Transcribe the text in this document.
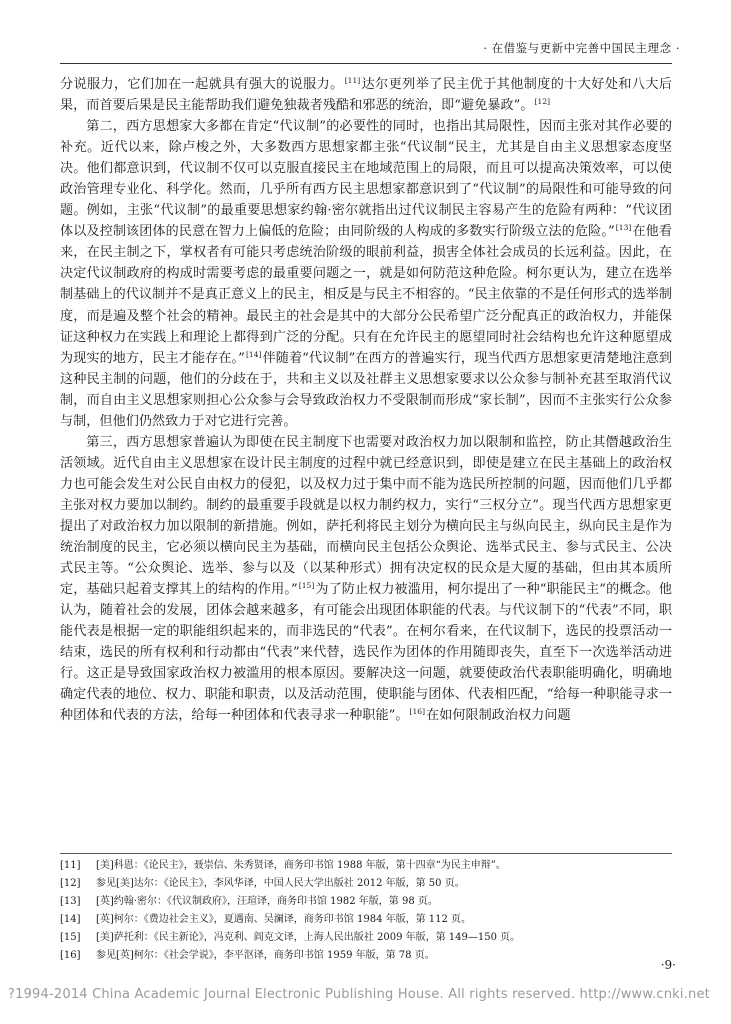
· 在借鉴与更新中完善中国民主理念 ·

分说服力，它们加在一起就具有强大的说服力。[11]达尔更列举了民主优于其他制度的十大好处和八大后果，而首要后果是民主能帮助我们避免独裁者残酷和邪恶的统治，即“避免暴政”。[12]

第二，西方思想家大多都在肯定“代议制”的必要性的同时，也指出其局限性，因而主张对其作必要的补充。近代以来，除卢梭之外，大多数西方思想家都主张“代议制”民主，尤其是自由主义思想家态度坚决。他们都意识到，代议制不仅可以克服直接民主在地域范围上的局限，而且可以提高决策效率，可以使政治管理专业化、科学化。然而，几乎所有西方民主思想家都意识到了“代议制”的局限性和可能导致的问题。例如，主张“代议制”的最重要思想家约翰·密尔就指出过代议制民主容易产生的危险有两种：“代议团体以及控制该团体的民意在智力上偏低的危险；由同阶级的人构成的多数实行阶级立法的危险。”[13]在他看来，在民主制之下，掌权者有可能只考虑统治阶级的眼前利益，损害全体社会成员的长远利益。因此，在决定代议制政府的构成时需要考虑的最重要问题之一，就是如何防范这种危险。柯尔更认为，建立在选举制基础上的代议制并不是真正意义上的民主，相反是与民主不相容的。“民主依靠的不是任何形式的选举制度，而是遍及整个社会的精神。最民主的社会是其中的大部分公民希望广泛分配真正的政治权力，并能保证这种权力在实践上和理论上都得到广泛的分配。只有在允许民主的愿望同时社会结构也允许这种愿望成为现实的地方，民主才能存在。”[14]伴随着“代议制”在西方的普遍实行，现当代西方思想家更清楚地注意到这种民主制的问题，他们的分歧在于，共和主义以及社群主义思想家要求以公众参与制补充甚至取消代议制，而自由主义思想家则担心公众参与会导致政治权力不受限制而形成“家长制”，因而不主张实行公众参与制，但他们仍然致力于对它进行完善。

第三，西方思想家普遍认为即使在民主制度下也需要对政治权力加以限制和监控，防止其僭越政治生活领域。近代自由主义思想家在设计民主制度的过程中就已经意识到，即使是建立在民主基础上的政治权力也可能会发生对公民自由权力的侵犯，以及权力过于集中而不能为选民所控制的问题，因而他们几乎都主张对权力要加以制约。制约的最重要手段就是以权力制约权力，实行“三权分立”。现当代西方思想家更提出了对政治权力加以限制的新措施。例如，萨托利将民主划分为横向民主与纵向民主，纵向民主是作为统治制度的民主，它必须以横向民主为基础，而横向民主包括公众舆论、选举式民主、参与式民主、公决式民主等。“公众舆论、选举、参与以及（以某种形式）拥有决定权的民众是大厦的基础，但由其本质所定，基础只起着支撑其上的结构的作用。”[15]为了防止权力被滥用，柯尔提出了一种“职能民主”的概念。他认为，随着社会的发展，团体会越来越多，有可能会出现团体职能的代表。与代议制下的“代表”不同，职能代表是根据一定的职能组织起来的，而非选民的“代表”。在柯尔看来，在代议制下，选民的投票活动一结束，选民的所有权利和行动都由“代表”来代替，选民作为团体的作用随即丧失，直至下一次选举活动进行。这正是导致国家政治权力被滥用的根本原因。要解决这一问题，就要使政治代表职能明确化，明确地确定代表的地位、权力、职能和职责，以及活动范围，使职能与团体、代表相匹配，“给每一种职能寻求一种团体和代表的方法，给每一种团体和代表寻求一种职能”。[16]在如何限制政治权力问题

[11]	[美]科恩：《论民主》，聂崇信、朱秀贤译，商务印书馆 1988 年版，第十四章“为民主申辩”。
[12]	参见[美]达尔：《论民主》，李风华译，中国人民大学出版社 2012 年版，第 50 页。
[13]	[英]约翰·密尔：《代议制政府》，汪瑄译，商务印书馆 1982 年版，第 98 页。
[14]	[英]柯尔：《费边社会主义》，夏遇南、吴澜译，商务印书馆 1984 年版，第 112 页。
[15]	[美]萨托利：《民主新论》，冯克利、阎克文译，上海人民出版社 2009 年版，第 149—150 页。
[16]	参见[英]柯尔：《社会学说》，李平沤译，商务印书馆 1959 年版，第 78 页。
·9·
?1994-2014 China Academic Journal Electronic Publishing House. All rights reserved. http://www.cnki.net
